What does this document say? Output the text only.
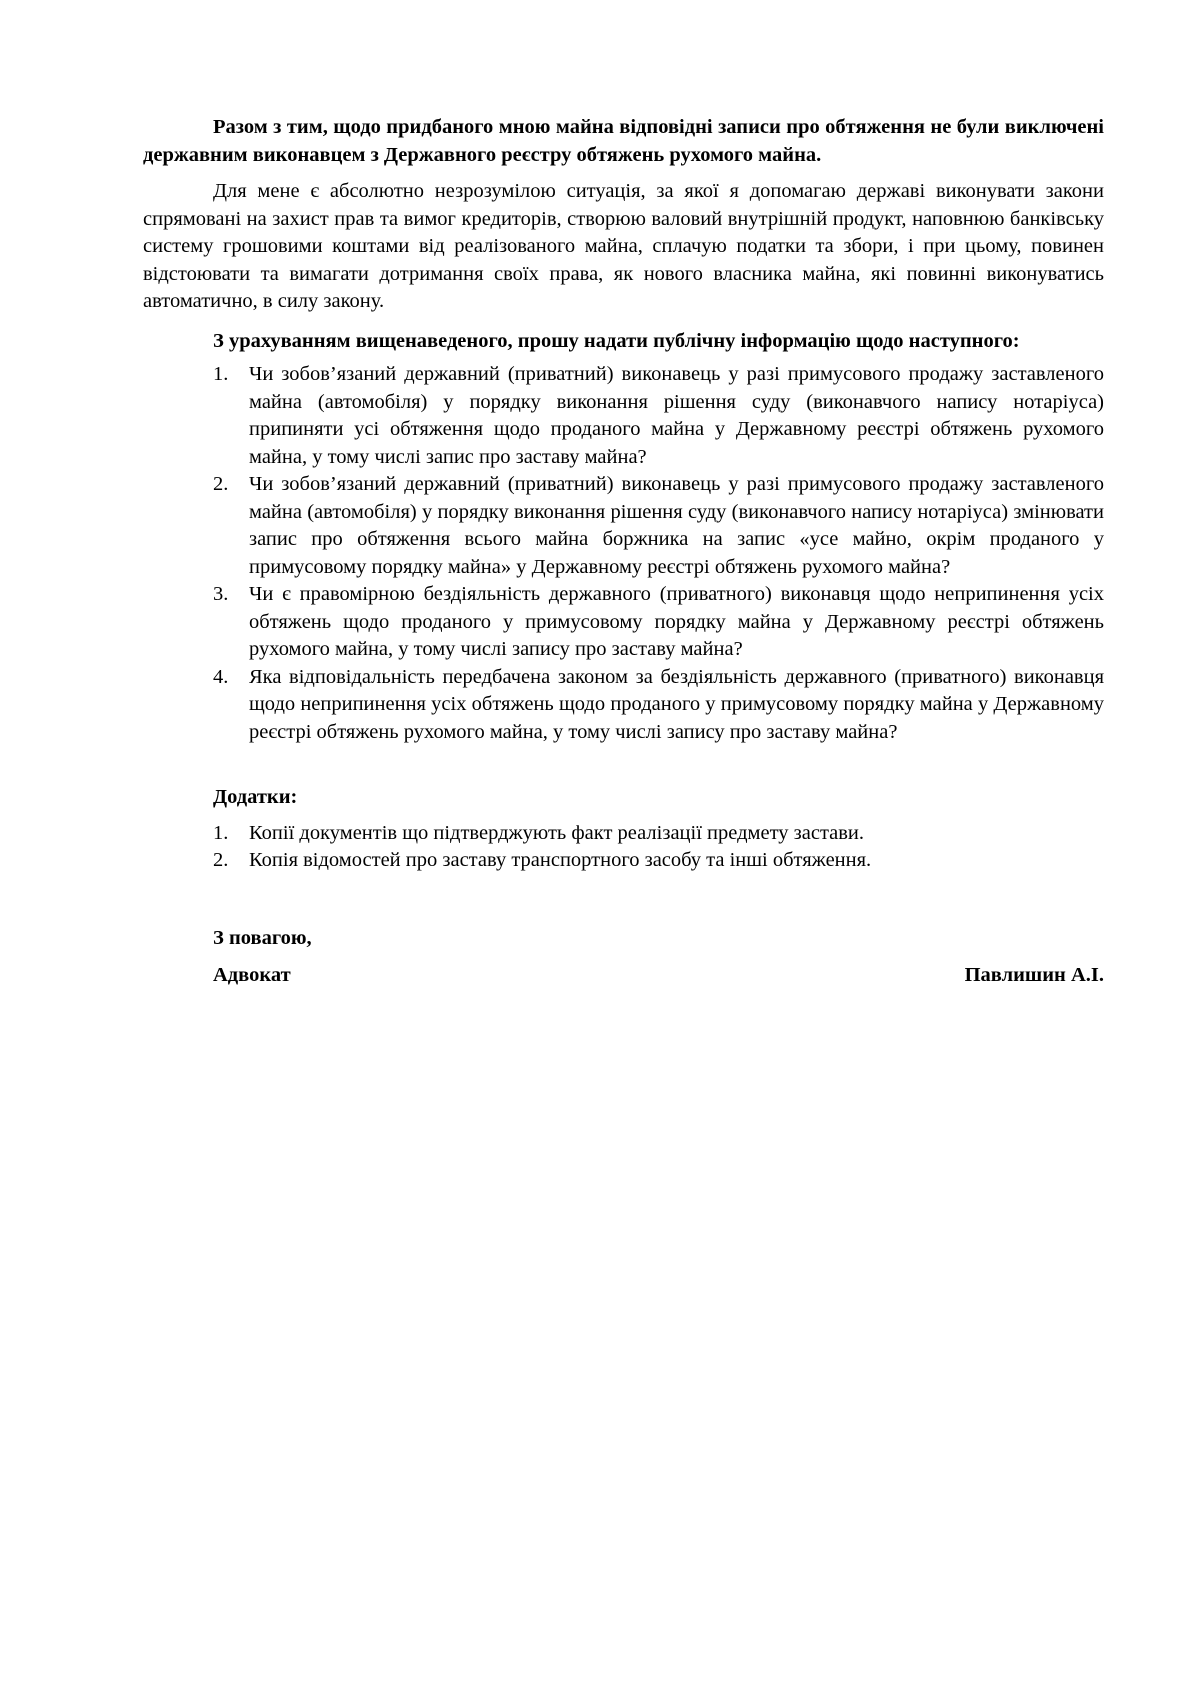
Разом з тим, щодо придбаного мною майна відповідні записи про обтяження не були виключені державним виконавцем з Державного реєстру обтяжень рухомого майна.

Для мене є абсолютно незрозумілою ситуація, за якої я допомагаю державі виконувати закони спрямовані на захист прав та вимог кредиторів, створюю валовий внутрішній продукт, наповнюю банківську систему грошовими коштами від реалізованого майна, сплачую податки та збори, і при цьому, повинен відстоювати та вимагати дотримання своїх права, як нового власника майна, які повинні виконуватись автоматично, в силу закону.

З урахуванням вищенаведеного, прошу надати публічну інформацію щодо наступного:

1. Чи зобов’язаний державний (приватний) виконавець у разі примусового продажу заставленого майна (автомобіля) у порядку виконання рішення суду (виконавчого напису нотаріуса) припиняти усі обтяження щодо проданого майна у Державному реєстрі обтяжень рухомого майна, у тому числі запис про заставу майна?
2. Чи зобов’язаний державний (приватний) виконавець у разі примусового продажу заставленого майна (автомобіля) у порядку виконання рішення суду (виконавчого напису нотаріуса) змінювати запис про обтяження всього майна боржника на запис «усе майно, окрім проданого у примусовому порядку майна» у Державному реєстрі обтяжень рухомого майна?
3. Чи є правомірною бездіяльність державного (приватного) виконавця щодо неприпинення усіх обтяжень щодо проданого у примусовому порядку майна у Державному реєстрі обтяжень рухомого майна, у тому числі запису про заставу майна?
4. Яка відповідальність передбачена законом за бездіяльність державного (приватного) виконавця щодо неприпинення усіх обтяжень щодо проданого у примусовому порядку майна у Державному реєстрі обтяжень рухомого майна, у тому числі запису про заставу майна?
Додатки:
1. Копії документів що підтверджують факт реалізації предмету застави.
2. Копія відомостей про заставу транспортного засобу та інші обтяження.
З повагою,
Адвокат	Павлишин А.І.
